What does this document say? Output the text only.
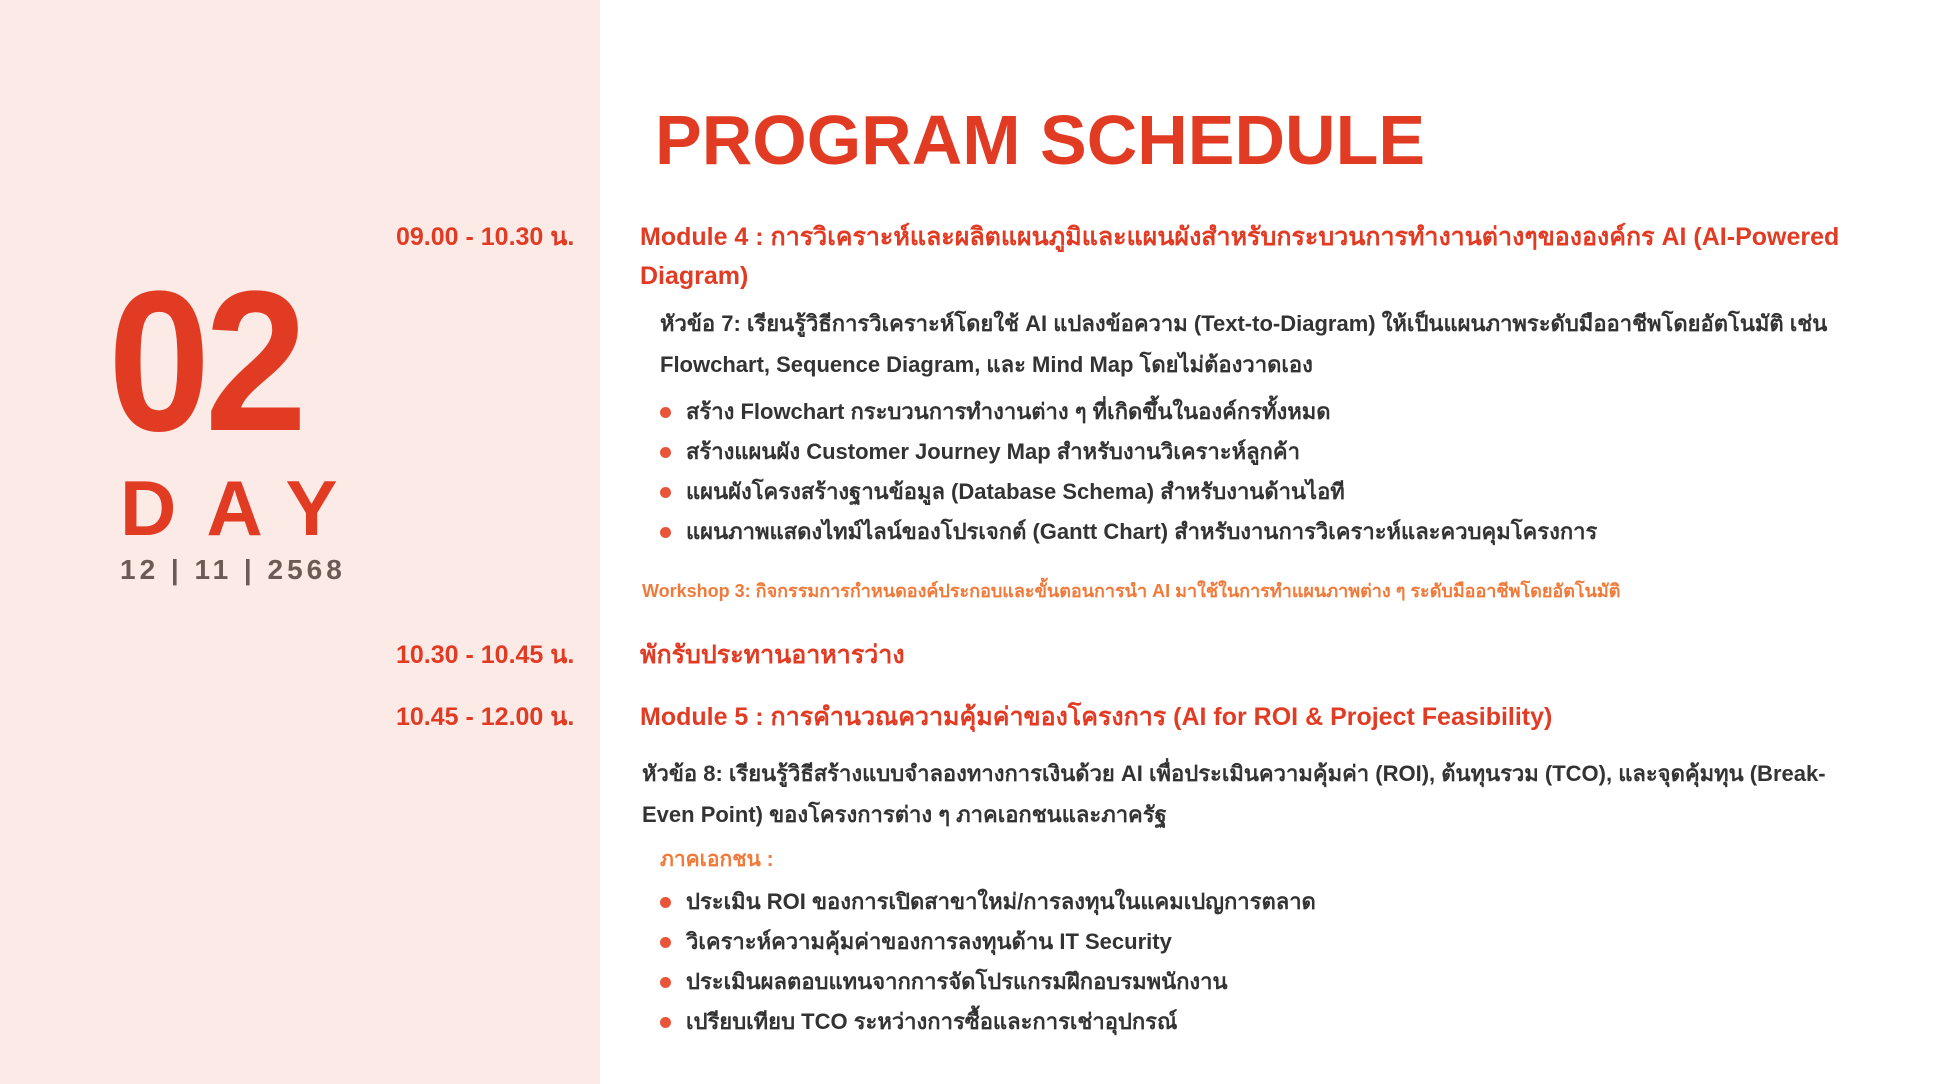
02
DAY
12 | 11 | 2568
PROGRAM SCHEDULE
09.00 - 10.30 น.	Module 4 : การวิเคราะห์และผลิตแผนภูมิและแผนผังสำหรับกระบวนการทำงานต่างๆขององค์กร AI (AI-Powered Diagram)
หัวข้อ 7: เรียนรู้วิธีการวิเคราะห์โดยใช้ AI แปลงข้อความ (Text-to-Diagram) ให้เป็นแผนภาพระดับมืออาชีพโดยอัตโนมัติ เช่น Flowchart, Sequence Diagram, และ Mind Map โดยไม่ต้องวาดเอง
สร้าง Flowchart กระบวนการทำงานต่าง ๆ ที่เกิดขึ้นในองค์กรทั้งหมด
สร้างแผนผัง Customer Journey Map สำหรับงานวิเคราะห์ลูกค้า
แผนผังโครงสร้างฐานข้อมูล (Database Schema) สำหรับงานด้านไอที
แผนภาพแสดงไทม์ไลน์ของโปรเจกต์ (Gantt Chart) สำหรับงานการวิเคราะห์และควบคุมโครงการ
Workshop 3: กิจกรรมการกำหนดองค์ประกอบและขั้นตอนการนำ AI มาใช้ในการทำแผนภาพต่าง ๆ ระดับมืออาชีพโดยอัตโนมัติ
10.30 - 10.45 น.	พักรับประทานอาหารว่าง
10.45 - 12.00 น.	Module 5 : การคำนวณความคุ้มค่าของโครงการ (AI for ROI & Project Feasibility)
หัวข้อ 8: เรียนรู้วิธีสร้างแบบจำลองทางการเงินด้วย AI เพื่อประเมินความคุ้มค่า (ROI), ต้นทุนรวม (TCO), และจุดคุ้มทุน (Break-Even Point) ของโครงการต่าง ๆ ภาคเอกชนและภาครัฐ
ภาคเอกชน :
ประเมิน ROI ของการเปิดสาขาใหม่/การลงทุนในแคมเปญการตลาด
วิเคราะห์ความคุ้มค่าของการลงทุนด้าน IT Security
ประเมินผลตอบแทนจากการจัดโปรแกรมฝึกอบรมพนักงาน
เปรียบเทียบ TCO ระหว่างการซื้อและการเช่าอุปกรณ์
